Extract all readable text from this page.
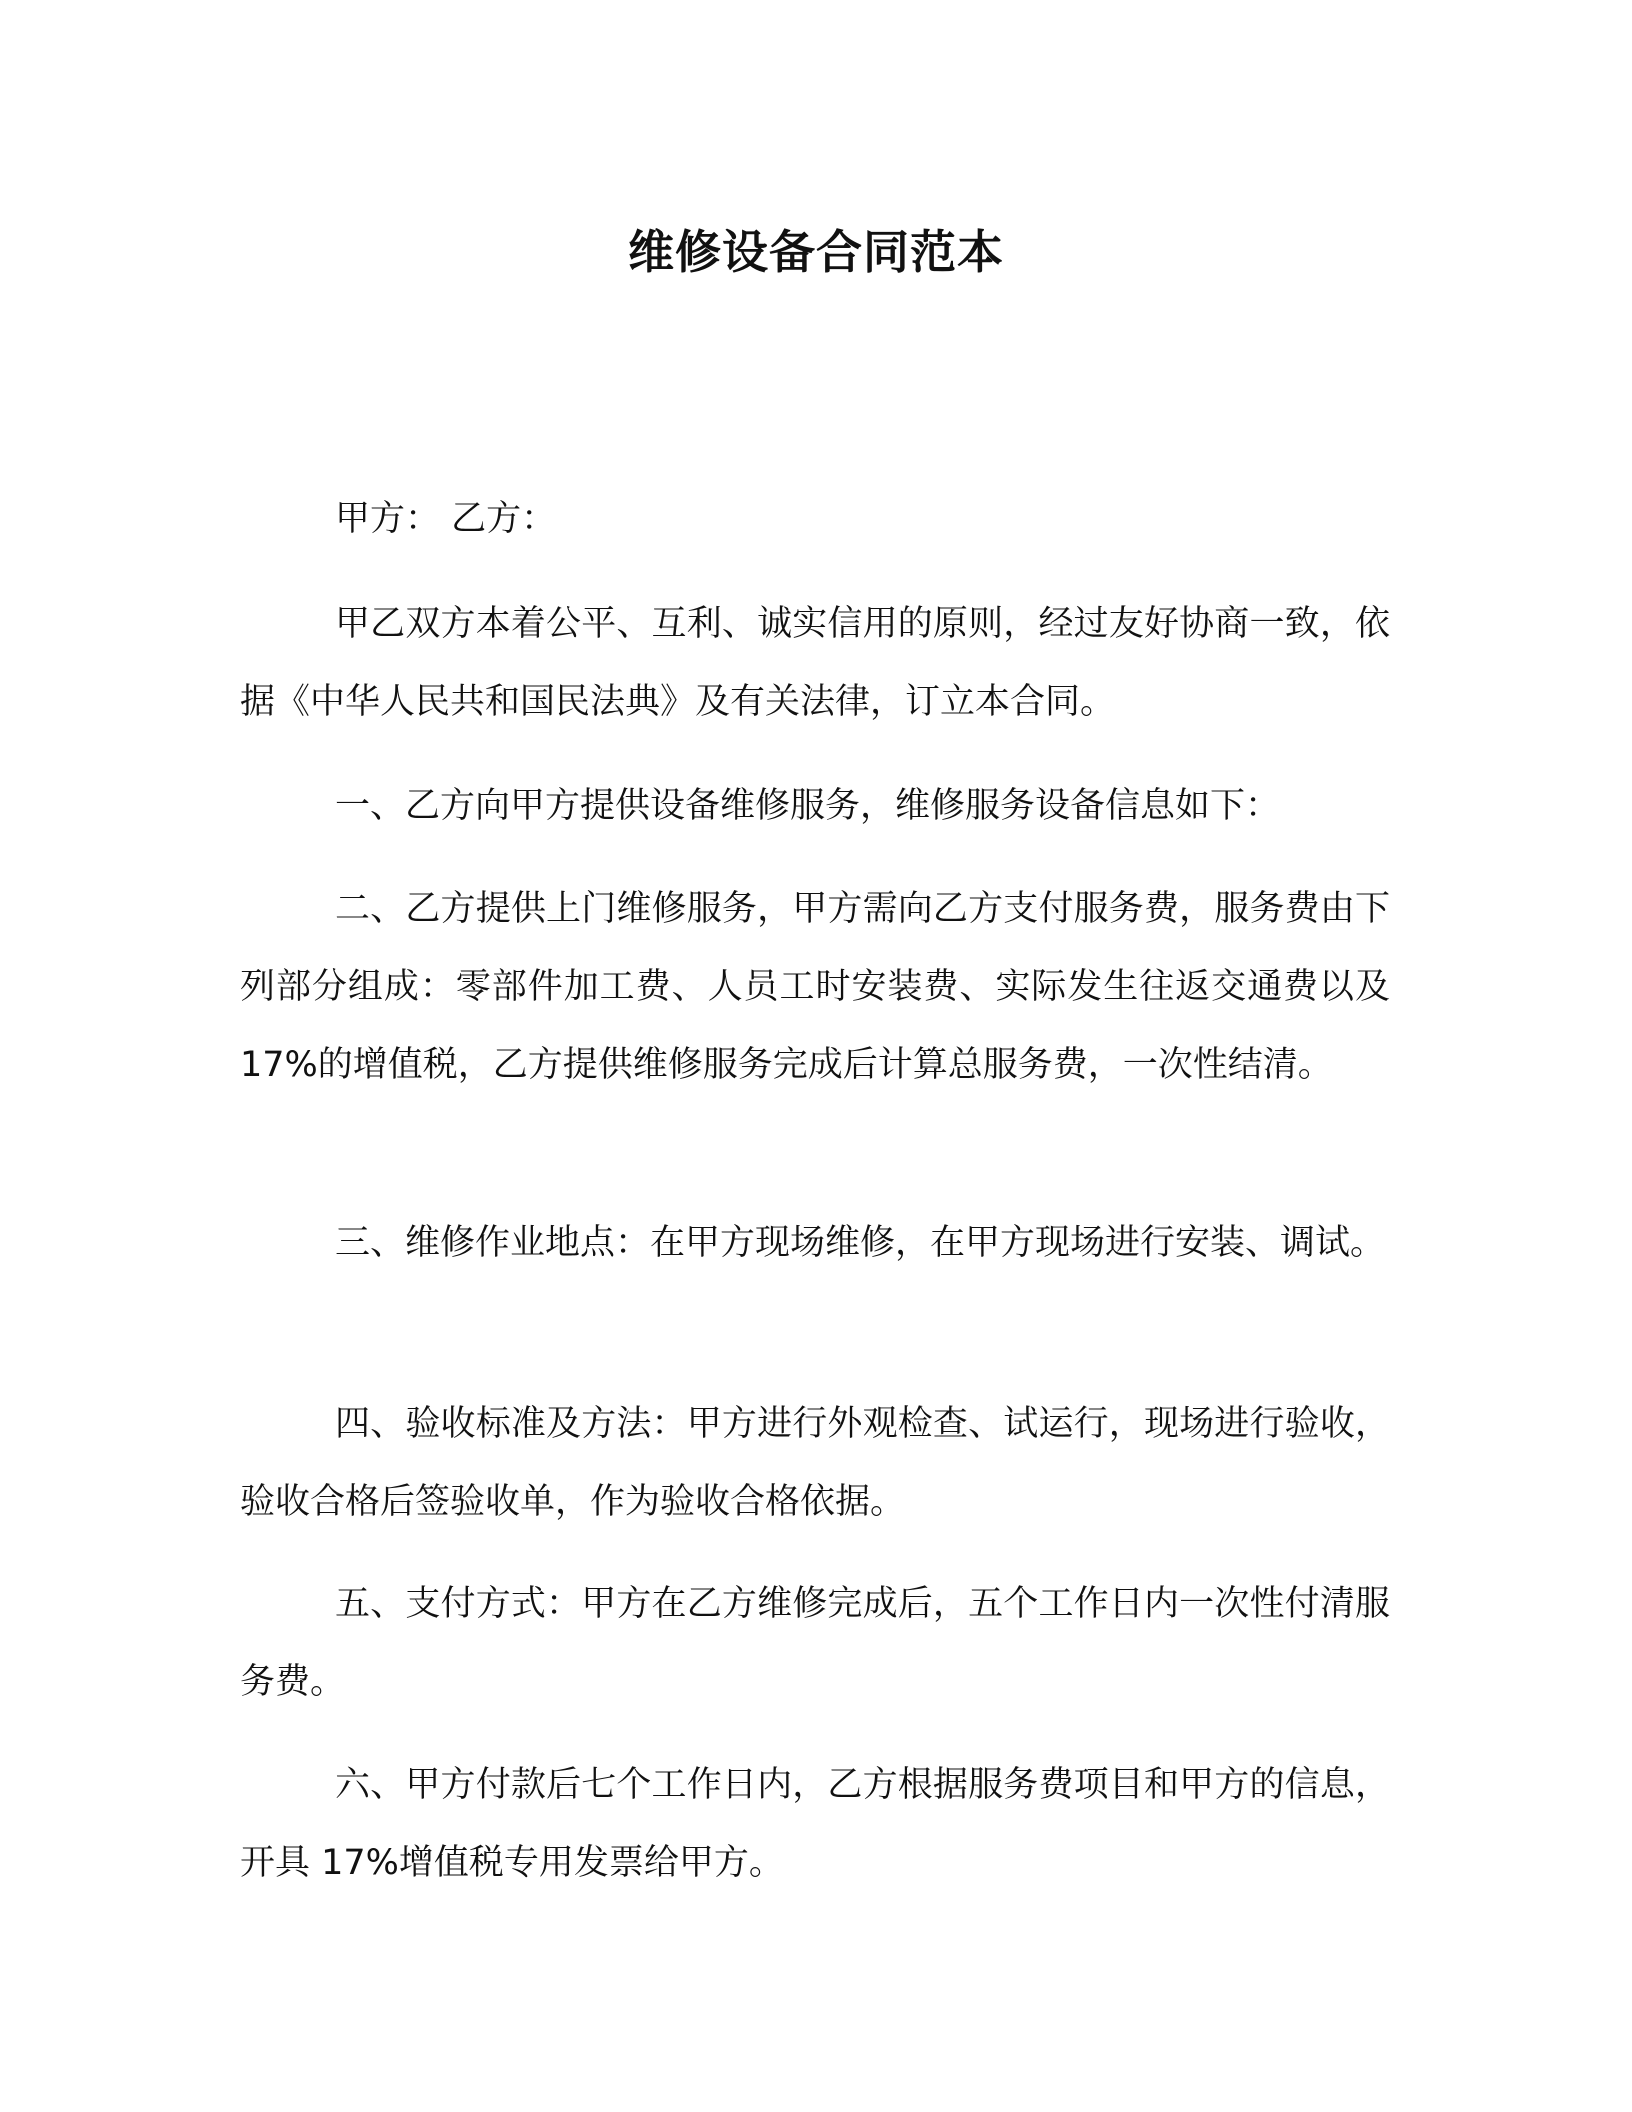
维修设备合同范本

甲方： 乙方：

甲乙双方本着公平、互利、诚实信用的原则，经过友好协商一致，依据《中华人民共和国民法典》及有关法律，订立本合同。

一、乙方向甲方提供设备维修服务，维修服务设备信息如下：

二、乙方提供上门维修服务，甲方需向乙方支付服务费，服务费由下列部分组成：零部件加工费、人员工时安装费、实际发生往返交通费以及 17%的增值税，乙方提供维修服务完成后计算总服务费，一次性结清。

三、维修作业地点：在甲方现场维修，在甲方现场进行安装、调试。

四、验收标准及方法：甲方进行外观检查、试运行，现场进行验收，验收合格后签验收单，作为验收合格依据。

五、支付方式：甲方在乙方维修完成后，五个工作日内一次性付清服务费。

六、甲方付款后七个工作日内，乙方根据服务费项目和甲方的信息，开具 17%增值税专用发票给甲方。
